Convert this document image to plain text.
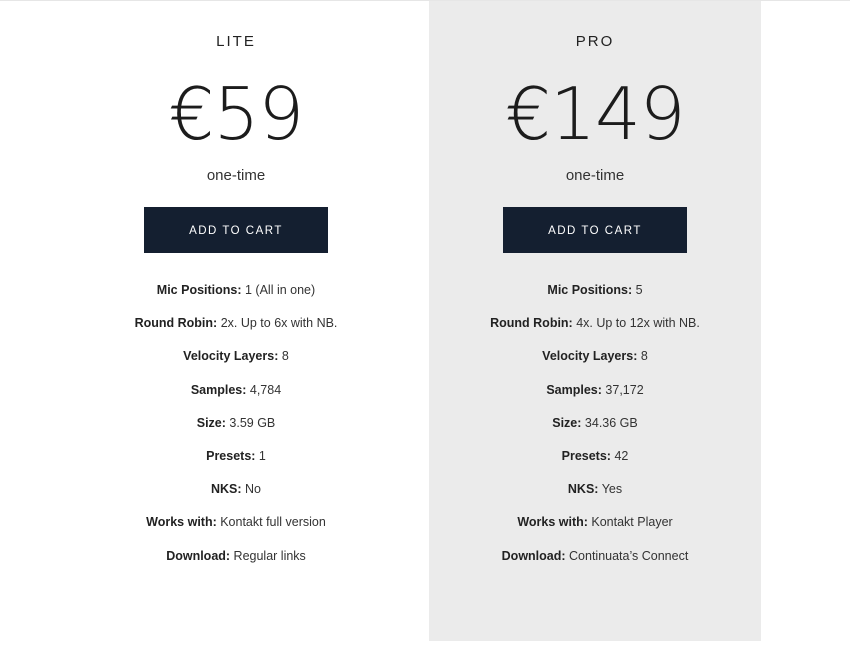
LITE
€59
one-time
ADD TO CART
Mic Positions: 1 (All in one)
Round Robin: 2x. Up to 6x with NB.
Velocity Layers: 8
Samples: 4,784
Size: 3.59 GB
Presets: 1
NKS: No
Works with: Kontakt full version
Download: Regular links
PRO
€149
one-time
ADD TO CART
Mic Positions: 5
Round Robin: 4x. Up to 12x with NB.
Velocity Layers: 8
Samples: 37,172
Size: 34.36 GB
Presets: 42
NKS: Yes
Works with: Kontakt Player
Download: Continuata’s Connect
